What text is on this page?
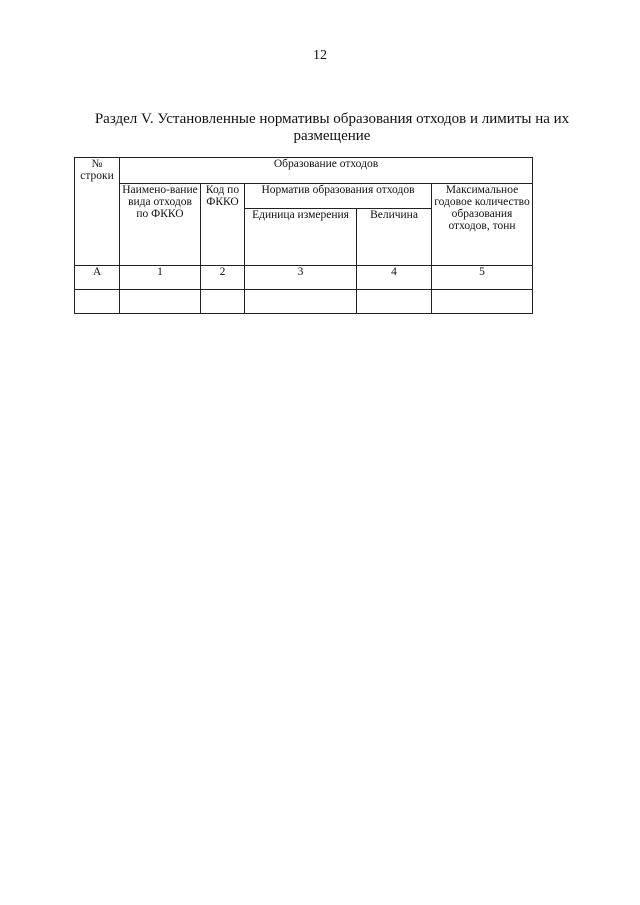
12
Раздел V. Установленные нормативы образования отходов и лимиты на их размещение
№ строки	Образование отходов				
	Наимено-вание вида отходов по ФККО	Код по ФККО	Норматив образования отходов		Максимальное годовое количество образования отходов, тонн
			Единица измерения	Величина	
А	1	2	3	4	5
